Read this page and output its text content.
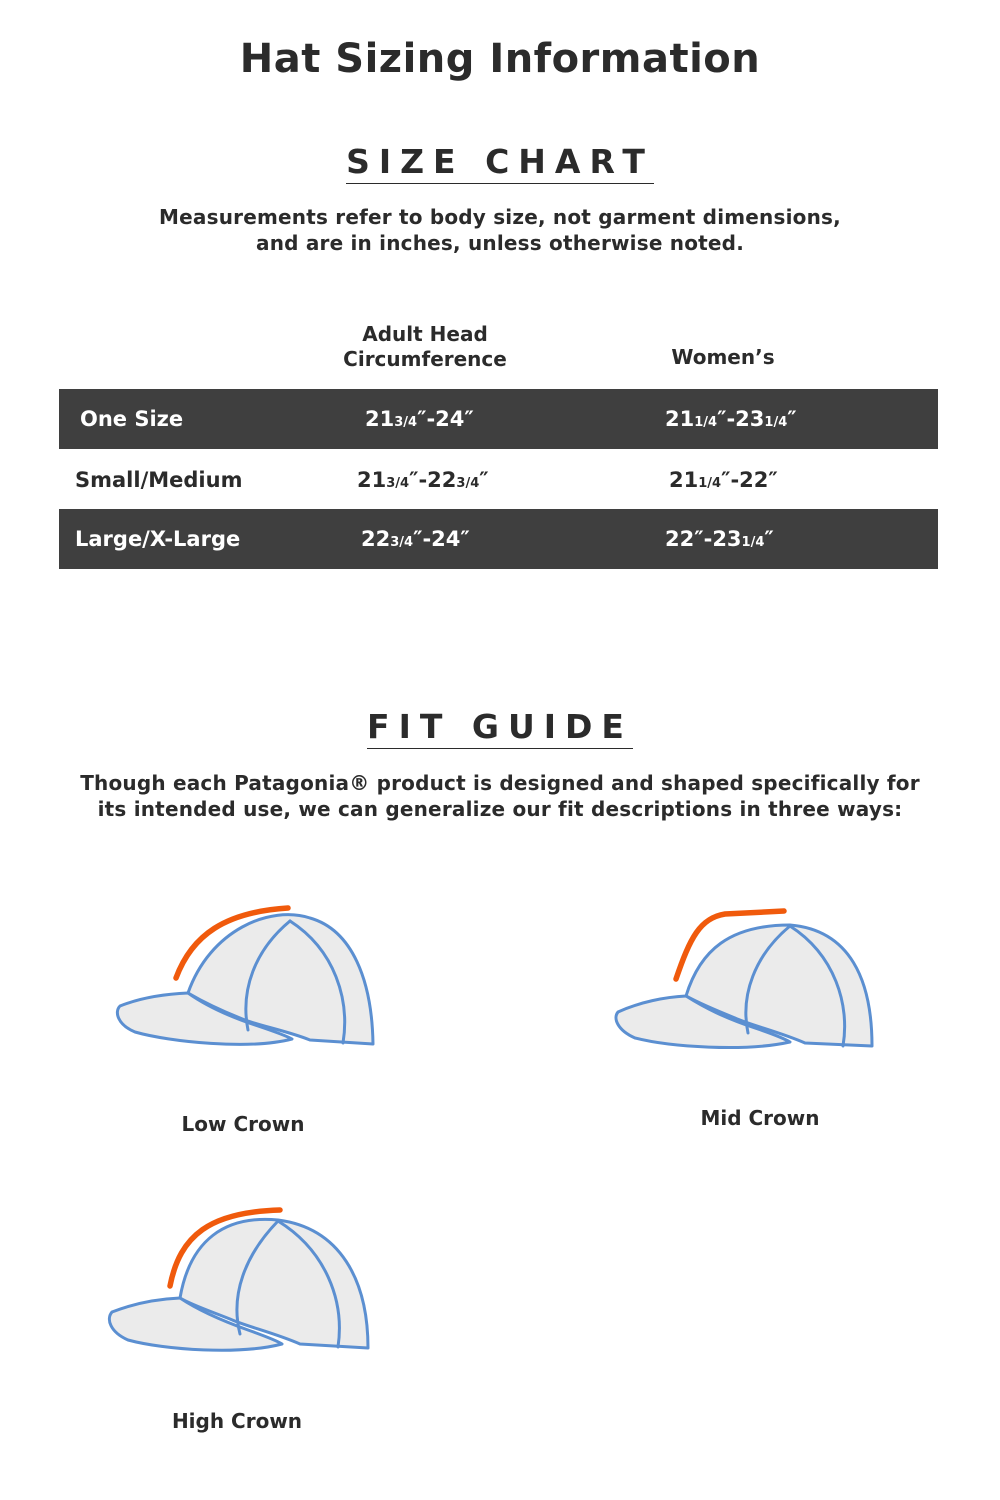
Hat Sizing Information
SIZE CHART
Measurements refer to body size, not garment dimensions,
and are in inches, unless otherwise noted.
Adult Head
Circumference	Women’s
One Size	213/4″-24″	211/4″-231/4″
Small/Medium	213/4″-223/4″	211/4″-22″
Large/X-Large	223/4″-24″	22″-231/4″
FIT GUIDE
Though each Patagonia® product is designed and shaped specifically for
its intended use, we can generalize our fit descriptions in three ways:
Low Crown	Mid Crown
High Crown
